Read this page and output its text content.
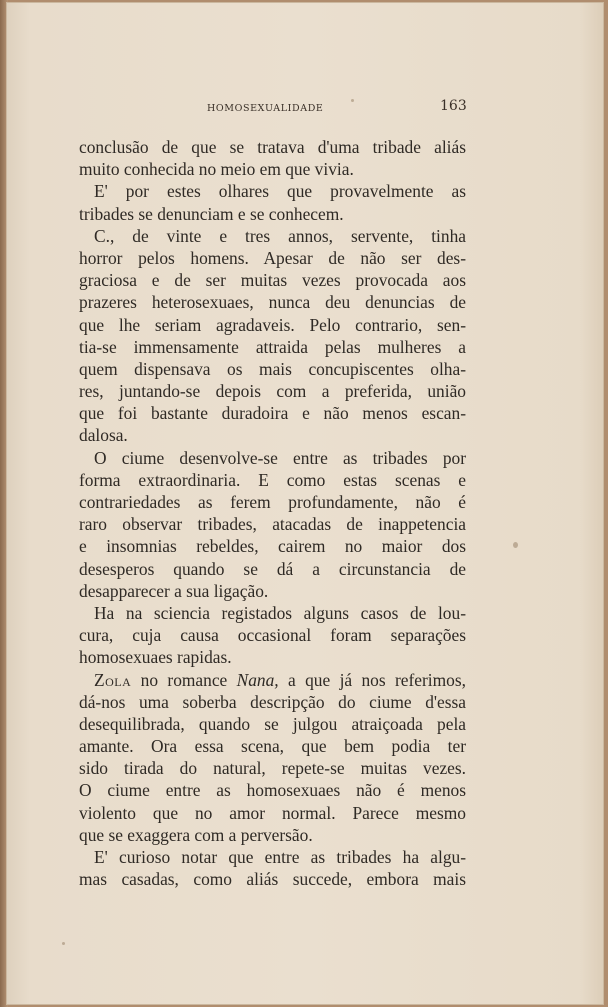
HOMOSEXUALIDADE	163
conclusão de que se tratava d'uma tribade aliás
muito conhecida no meio em que vivia.
E' por estes olhares que provavelmente as
tribades se denunciam e se conhecem.
C., de vinte e tres annos, servente, tinha
horror pelos homens. Apesar de não ser des-
graciosa e de ser muitas vezes provocada aos
prazeres heterosexuaes, nunca deu denuncias de
que lhe seriam agradaveis. Pelo contrario, sen-
tia-se immensamente attraida pelas mulheres a
quem dispensava os mais concupiscentes olha-
res, juntando-se depois com a preferida, união
que foi bastante duradoira e não menos escan-
dalosa.
O ciume desenvolve-se entre as tribades por
forma extraordinaria. E como estas scenas e
contrariedades as ferem profundamente, não é
raro observar tribades, atacadas de inappetencia
e insomnias rebeldes, cairem no maior dos
desesperos quando se dá a circunstancia de
desapparecer a sua ligação.
Ha na sciencia registados alguns casos de lou-
cura, cuja causa occasional foram separações
homosexuaes rapidas.
Zola no romance Nana, a que já nos referimos,
dá-nos uma soberba descripção do ciume d'essa
desequilibrada, quando se julgou atraiçoada pela
amante. Ora essa scena, que bem podia ter
sido tirada do natural, repete-se muitas vezes.
O ciume entre as homosexuaes não é menos
violento que no amor normal. Parece mesmo
que se exaggera com a perversão.
E' curioso notar que entre as tribades ha algu-
mas casadas, como aliás succede, embora mais
